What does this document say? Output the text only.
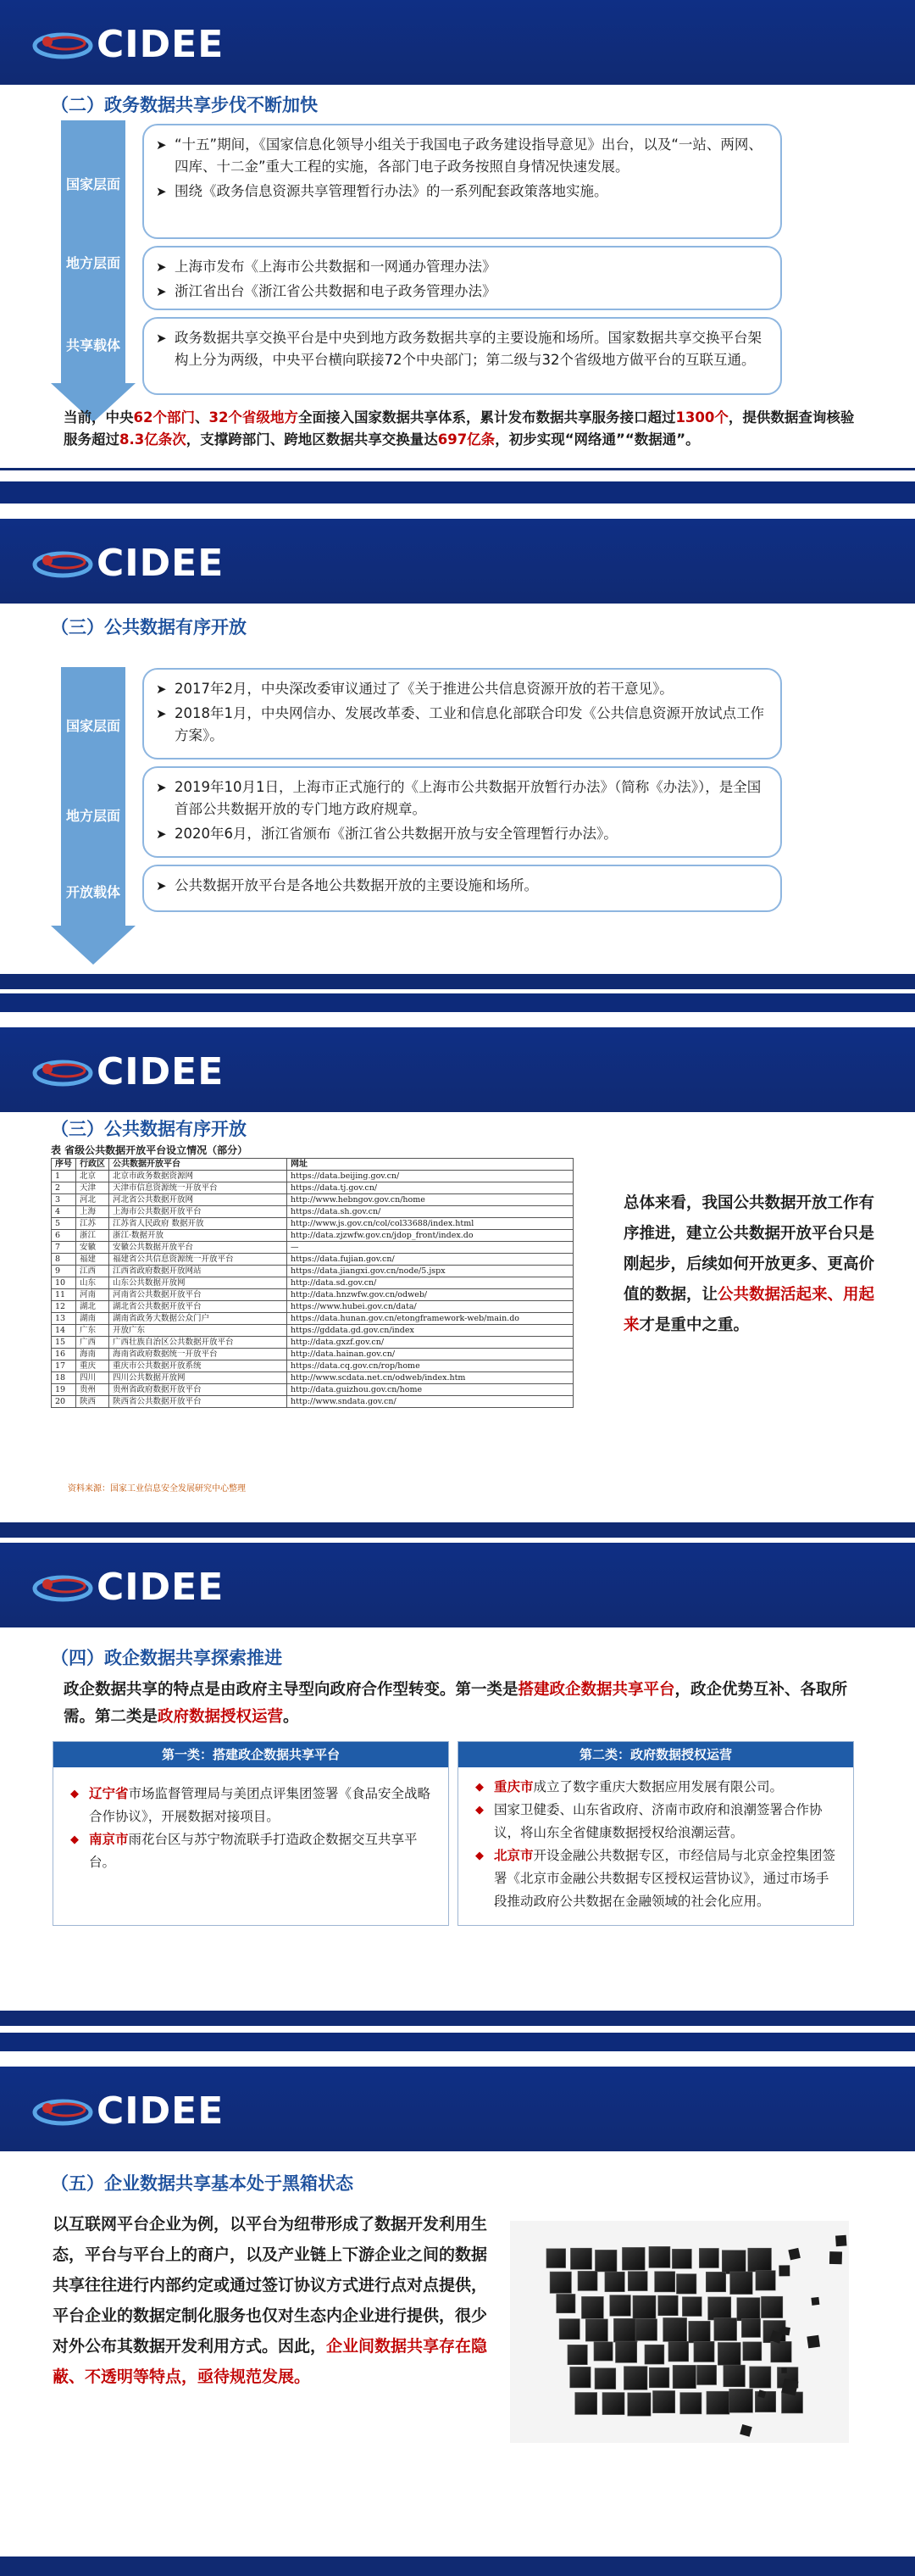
CIDEE
（二）政务数据共享步伐不断加快
国家层面
地方层面
共享载体
➤ “十五”期间，《国家信息化领导小组关于我国电子政务建设指导意见》出台，以及“一站、两网、四库、十二金”重大工程的实施，各部门电子政务按照自身情况快速发展。
➤ 围绕《政务信息资源共享管理暂行办法》的一系列配套政策落地实施。
➤ 上海市发布《上海市公共数据和一网通办管理办法》
➤ 浙江省出台《浙江省公共数据和电子政务管理办法》
➤ 政务数据共享交换平台是中央到地方政务数据共享的主要设施和场所。国家数据共享交换平台架构上分为两级，中央平台横向联接72个中央部门；第二级与32个省级地方做平台的互联互通。
当前，中央62个部门、32个省级地方全面接入国家数据共享体系，累计发布数据共享服务接口超过1300个，提供数据查询核验服务超过8.3亿条次，支撑跨部门、跨地区数据共享交换量达697亿条，初步实现“网络通”“数据通”。
CIDEE
（三）公共数据有序开放
国家层面
地方层面
开放载体
➤ 2017年2月，中央深改委审议通过了《关于推进公共信息资源开放的若干意见》。
➤ 2018年1月，中央网信办、发展改革委、工业和信息化部联合印发《公共信息资源开放试点工作方案》。
➤ 2019年10月1日，上海市正式施行的《上海市公共数据开放暂行办法》（简称《办法》），是全国首部公共数据开放的专门地方政府规章。
➤ 2020年6月，浙江省颁布《浙江省公共数据开放与安全管理暂行办法》。
➤ 公共数据开放平台是各地公共数据开放的主要设施和场所。
CIDEE
（三）公共数据有序开放
表 省级公共数据开放平台设立情况（部分）
序号	行政区	公共数据开放平台	网址
1	北京	北京市政务数据资源网	https://data.beijing.gov.cn/
2	天津	天津市信息资源统一开放平台	https://data.tj.gov.cn/
3	河北	河北省公共数据开放网	http://www.hebngov.gov.cn/home
4	上海	上海市公共数据开放平台	https://data.sh.gov.cn/
5	江苏	江苏省人民政府 数据开放	http://www.js.gov.cn/col/col33688/index.html
6	浙江	浙江·数据开放	http://data.zjzwfw.gov.cn/jdop_front/index.do
7	安徽	安徽公共数据开放平台	—
8	福建	福建省公共信息资源统一开放平台	https://data.fujian.gov.cn/
9	江西	江西省政府数据开放网站	https://data.jiangxi.gov.cn/node/5.jspx
10	山东	山东公共数据开放网	http://data.sd.gov.cn/
11	河南	河南省公共数据开放平台	http://data.hnzwfw.gov.cn/odweb/
12	湖北	湖北省公共数据开放平台	https://www.hubei.gov.cn/data/
13	湖南	湖南省政务大数据公众门户	https://data.hunan.gov.cn/etongframework-web/main.do
14	广东	开放广东	https://gddata.gd.gov.cn/index
15	广西	广西壮族自治区公共数据开放平台	http://data.gxzf.gov.cn/
16	海南	海南省政府数据统一开放平台	http://data.hainan.gov.cn/
17	重庆	重庆市公共数据开放系统	https://data.cq.gov.cn/rop/home
18	四川	四川公共数据开放网	http://www.scdata.net.cn/odweb/index.htm
19	贵州	贵州省政府数据开放平台	http://data.guizhou.gov.cn/home
20	陕西	陕西省公共数据开放平台	http://www.sndata.gov.cn/
资料来源：国家工业信息安全发展研究中心整理
总体来看，我国公共数据开放工作有序推进，建立公共数据开放平台只是刚起步，后续如何开放更多、更高价值的数据，让公共数据活起来、用起来才是重中之重。
CIDEE
（四）政企数据共享探索推进
政企数据共享的特点是由政府主导型向政府合作型转变。第一类是搭建政企数据共享平台，政企优势互补、各取所需。第二类是政府数据授权运营。
第一类：搭建政企数据共享平台
◆ 辽宁省市场监督管理局与美团点评集团签署《食品安全战略合作协议》，开展数据对接项目。
◆ 南京市雨花台区与苏宁物流联手打造政企数据交互共享平台。
第二类：政府数据授权运营
◆ 重庆市成立了数字重庆大数据应用发展有限公司。
◆ 国家卫健委、山东省政府、济南市政府和浪潮签署合作协议，将山东全省健康数据授权给浪潮运营。
◆ 北京市开设金融公共数据专区，市经信局与北京金控集团签署《北京市金融公共数据专区授权运营协议》，通过市场手段推动政府公共数据在金融领域的社会化应用。
CIDEE
（五）企业数据共享基本处于黑箱状态
以互联网平台企业为例，以平台为纽带形成了数据开发利用生态，平台与平台上的商户，以及产业链上下游企业之间的数据共享往往进行内部约定或通过签订协议方式进行点对点提供，平台企业的数据定制化服务也仅对生态内企业进行提供，很少对外公布其数据开发利用方式。因此，企业间数据共享存在隐蔽、不透明等特点，亟待规范发展。
